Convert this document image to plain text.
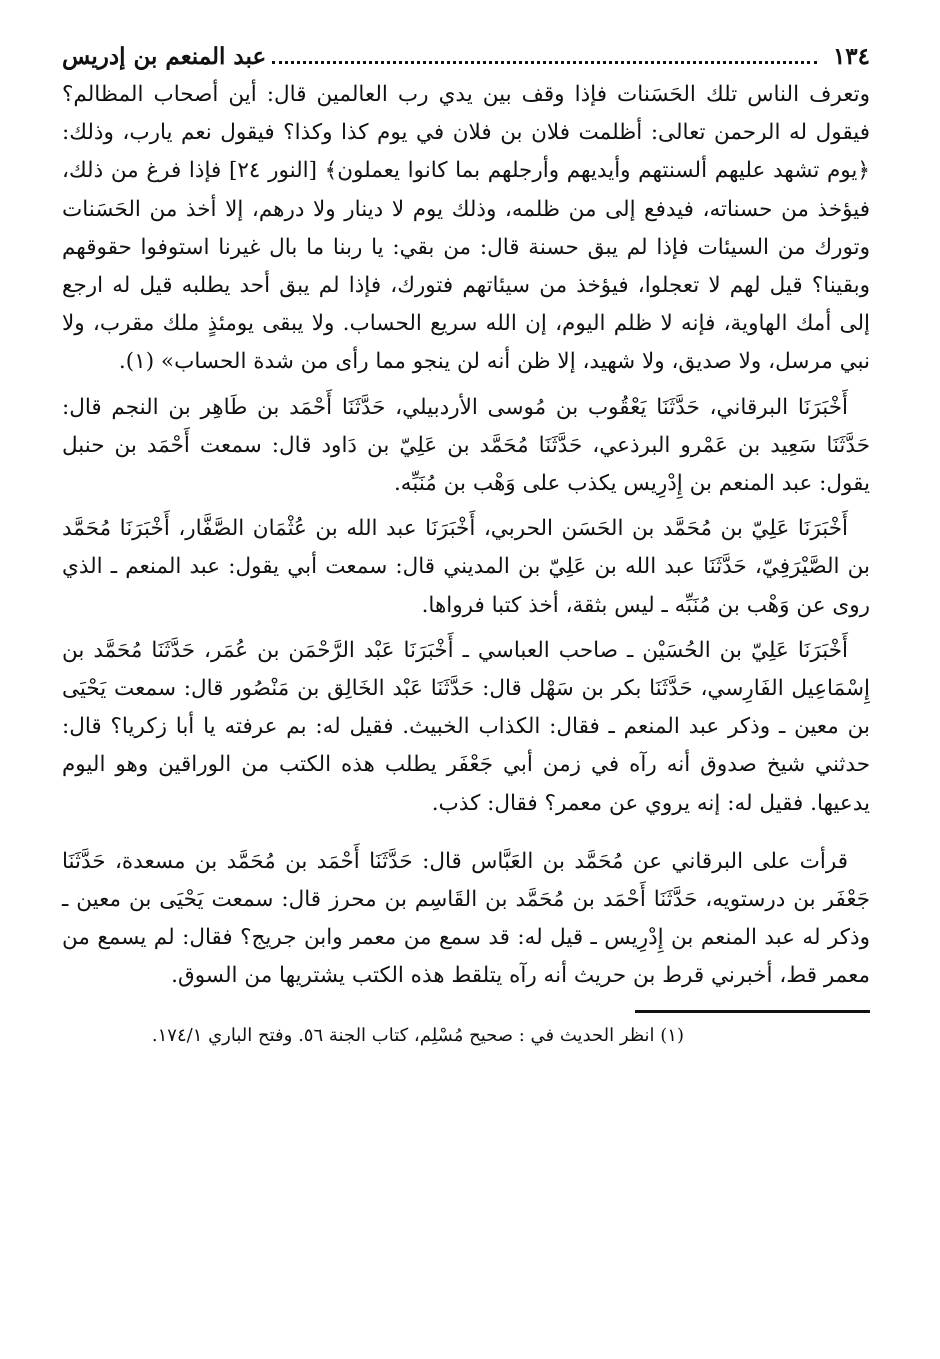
١٣٤
عبد المنعم بن إدريس

وتعرف الناس تلك الحَسَنات فإذا وقف بين يدي رب العالمين قال: أين أصحاب المظالم؟ فيقول له الرحمن تعالى: أظلمت فلان بن فلان في يوم كذا وكذا؟ فيقول نعم يارب، وذلك: ﴿يوم تشهد عليهم ألسنتهم وأيديهم وأرجلهم بما كانوا يعملون﴾ [النور ٢٤] فإذا فرغ من ذلك، فيؤخذ من حسناته، فيدفع إلى من ظلمه، وذلك يوم لا دينار ولا درهم، إلا أخذ من الحَسَنات وتورك من السيئات فإذا لم يبق حسنة قال: من بقي: يا ربنا ما بال غيرنا استوفوا حقوقهم وبقينا؟ قيل لهم لا تعجلوا، فيؤخذ من سيئاتهم فتورك، فإذا لم يبق أحد يطلبه قيل له ارجع إلى أمك الهاوية، فإنه لا ظلم اليوم، إن الله سريع الحساب. ولا يبقى يومئذٍ ملك مقرب، ولا نبي مرسل، ولا صديق، ولا شهيد، إلا ظن أنه لن ينجو مما رأى من شدة الحساب» (١).

أَخْبَرَنَا البرقاني، حَدَّثَنَا يَعْقُوب بن مُوسى الأردبيلي، حَدَّثَنَا أَحْمَد بن طَاهِر بن النجم قال: حَدَّثَنَا سَعِيد بن عَمْرو البرذعي، حَدَّثَنَا مُحَمَّد بن عَلِيّ بن دَاود قال: سمعت أَحْمَد بن حنبل يقول: عبد المنعم بن إِدْرِيس يكذب على وَهْب بن مُنَبِّه.

أَخْبَرَنَا عَلِيّ بن مُحَمَّد بن الحَسَن الحربي، أَخْبَرَنَا عبد الله بن عُثْمَان الصَّفَّار، أَخْبَرَنَا مُحَمَّد بن الصَّيْرَفِيّ، حَدَّثَنَا عبد الله بن عَلِيّ بن المديني قال: سمعت أبي يقول: عبد المنعم ـ الذي روى عن وَهْب بن مُنَبِّه ـ ليس بثقة، أخذ كتبا فرواها.

أَخْبَرَنَا عَلِيّ بن الحُسَيْن ـ صاحب العباسي ـ أَخْبَرَنَا عَبْد الرَّحْمَن بن عُمَر، حَدَّثَنَا مُحَمَّد بن إِسْمَاعِيل الفَارِسي، حَدَّثَنَا بكر بن سَهْل قال: حَدَّثَنَا عَبْد الخَالِق بن مَنْصُور قال: سمعت يَحْيَى بن معين ـ وذكر عبد المنعم ـ فقال: الكذاب الخبيث. فقيل له: بم عرفته يا أبا زكريا؟ قال: حدثني شيخ صدوق أنه رآه في زمن أبي جَعْفَر يطلب هذه الكتب من الوراقين وهو اليوم يدعيها. فقيل له: إنه يروي عن معمر؟ فقال: كذب.

قرأت على البرقاني عن مُحَمَّد بن العَبَّاس قال: حَدَّثَنَا أَحْمَد بن مُحَمَّد بن مسعدة، حَدَّثَنَا جَعْفَر بن درستويه، حَدَّثَنَا أَحْمَد بن مُحَمَّد بن القَاسِم بن محرز قال: سمعت يَحْيَى بن معين ـ وذكر له عبد المنعم بن إِدْرِيس ـ قيل له: قد سمع من معمر وابن جريج؟ فقال: لم يسمع من معمر قط، أخبرني قرط بن حريث أنه رآه يتلقط هذه الكتب يشتريها من السوق.

(١) انظر الحديث في : صحيح مُسْلِم، كتاب الجنة ٥٦. وفتح الباري ١٧٤/١.
